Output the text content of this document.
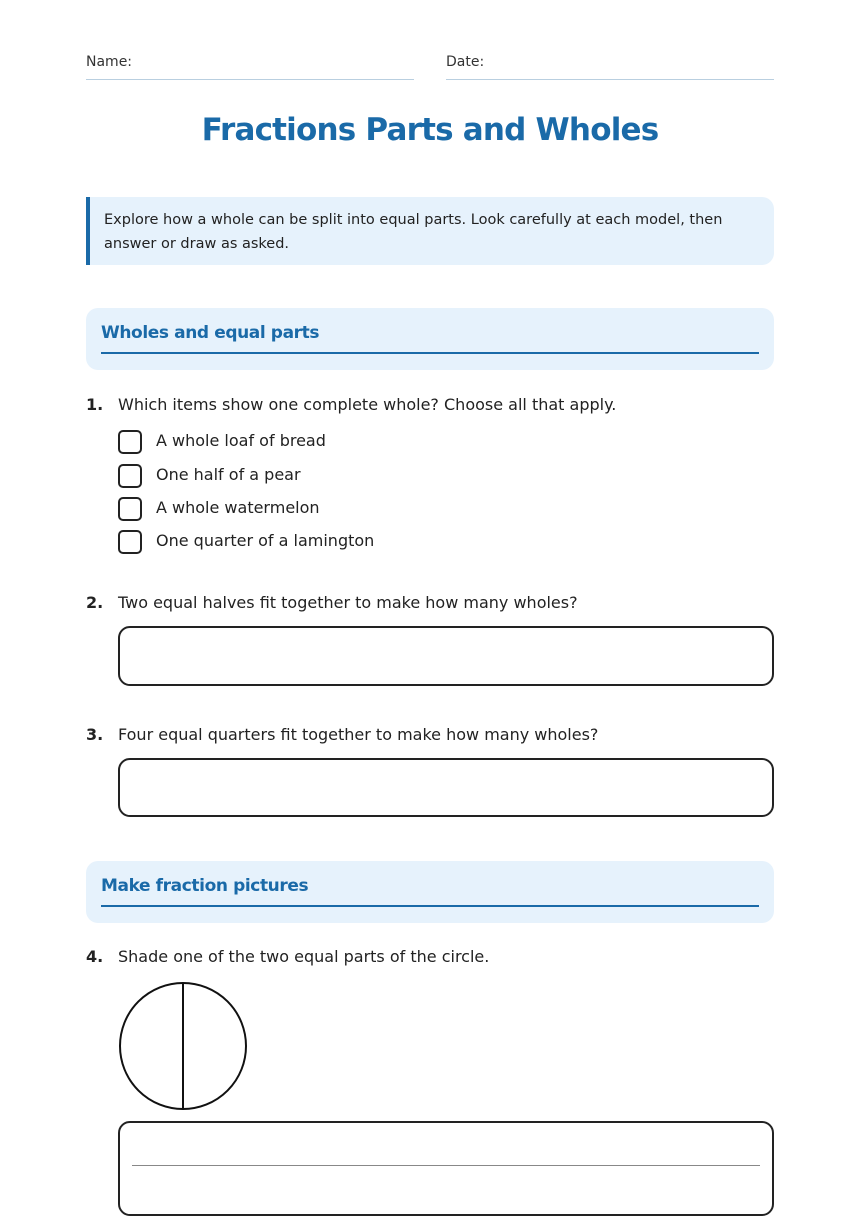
Name:	Date:
Fractions Parts and Wholes
Explore how a whole can be split into equal parts. Look carefully at each model, then answer or draw as asked.
Wholes and equal parts
1. Which items show one complete whole? Choose all that apply.
A whole loaf of bread
One half of a pear
A whole watermelon
One quarter of a lamington
2. Two equal halves fit together to make how many wholes?
3. Four equal quarters fit together to make how many wholes?
Make fraction pictures
4. Shade one of the two equal parts of the circle.
